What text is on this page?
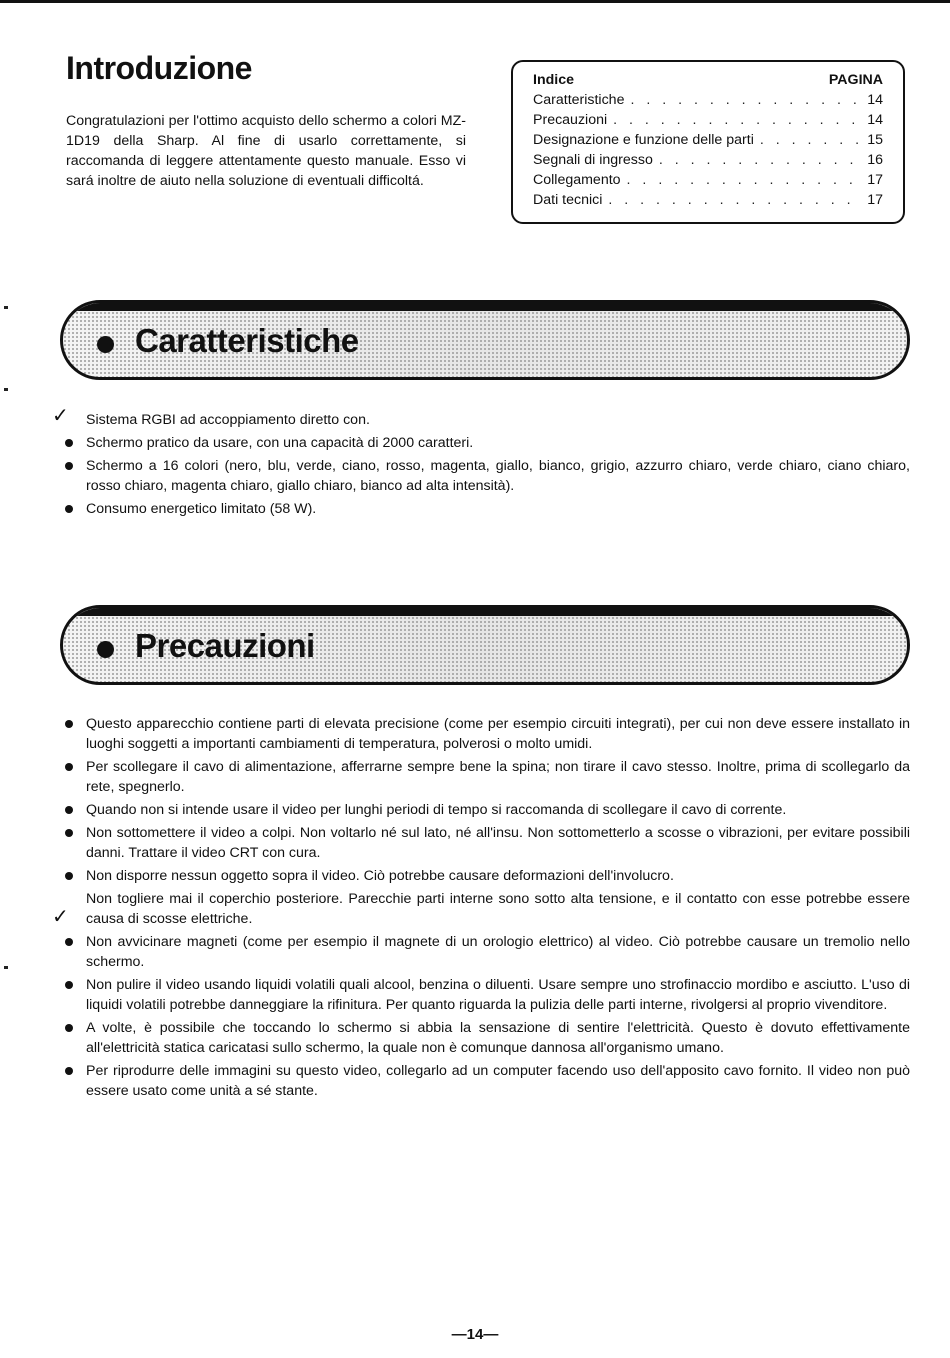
Introduzione

Congratulazioni per l'ottimo acquisto dello schermo a colori MZ-1D19 della Sharp. Al fine di usarlo correttamente, si raccomanda di leggere attentamente questo manuale. Esso vi sará inoltre de aiuto nella soluzione di eventuali difficoltá.

Indice	PAGINA
Caratteristiche . . .	14
Precauzioni . . .	14
Designazione e funzione delle parti . . .	15
Segnali di ingresso . . .	16
Collegamento . . .	17
Dati tecnici . . .	17
Caratteristiche
✓ Sistema RGBI ad accoppiamento diretto con.
Schermo pratico da usare, con una capacità di 2000 caratteri.
Schermo a 16 colori (nero, blu, verde, ciano, rosso, magenta, giallo, bianco, grigio, azzurro chiaro, verde chiaro, ciano chiaro, rosso chiaro, magenta chiaro, giallo chiaro, bianco ad alta intensità).
Consumo energetico limitato (58 W).
Precauzioni
Questo apparecchio contiene parti di elevata precisione (come per esempio circuiti integrati), per cui non deve essere installato in luoghi soggetti a importanti cambiamenti di temperatura, polverosi o molto umidi.
Per scollegare il cavo di alimentazione, afferrarne sempre bene la spina; non tirare il cavo stesso. Inoltre, prima di scollegarlo da rete, spegnerlo.
Quando non si intende usare il video per lunghi periodi di tempo si raccomanda di scollegare il cavo di corrente.
Non sottomettere il video a colpi. Non voltarlo né sul lato, né all'insu. Non sottometterlo a scosse o vibrazioni, per evitare possibili danni. Trattare il video CRT con cura.
Non disporre nessun oggetto sopra il video. Ciò potrebbe causare deformazioni dell'involucro.
✓
Non togliere mai il coperchio posteriore. Parecchie parti interne sono sotto alta tensione, e il contatto con esse potrebbe essere causa di scosse elettriche.
Non avvicinare magneti (come per esempio il magnete di un orologio elettrico) al video. Ciò potrebbe causare un tremolio nello schermo.
Non pulire il video usando liquidi volatili quali alcool, benzina o diluenti. Usare sempre uno strofinaccio mordibo e asciutto. L'uso di liquidi volatili potrebbe danneggiare la rifinitura. Per quanto riguarda la pulizia delle parti interne, rivolgersi al proprio vivenditore.
A volte, è possibile che toccando lo schermo si abbia la sensazione di sentire l'elettricità. Questo è dovuto effettivamente all'elettricità statica caricatasi sullo schermo, la quale non è comunque dannosa all'organismo umano.
Per riprodurre delle immagini su questo video, collegarlo ad un computer facendo uso dell'apposito cavo fornito. Il video non può essere usato come unità a sé stante.
—14—
